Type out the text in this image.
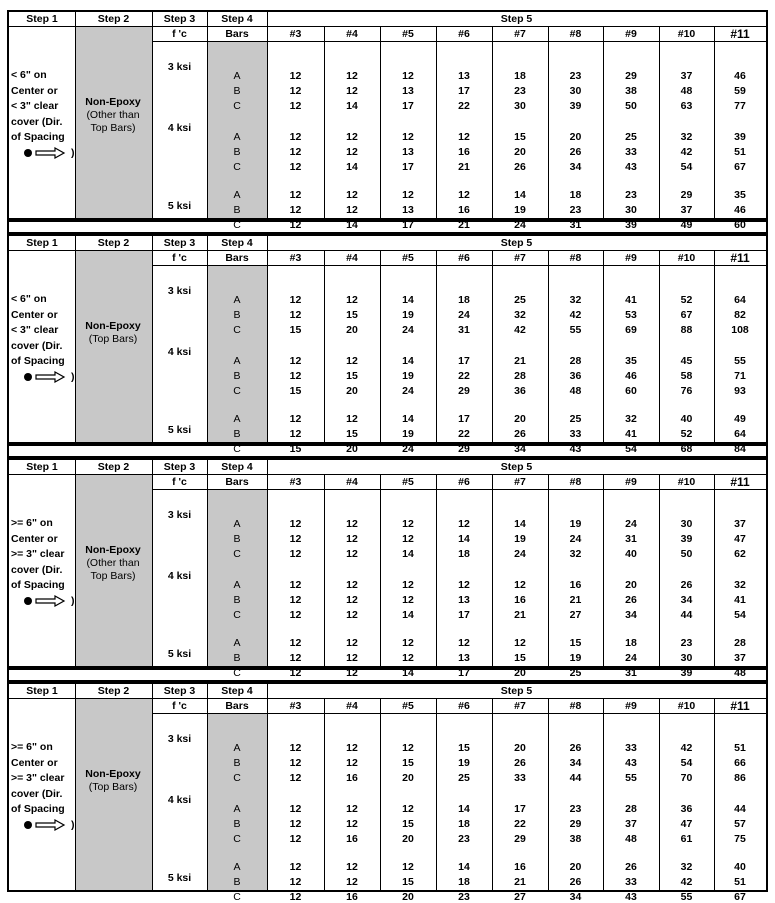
Step 1	Step 2	Step 3	Step 4	Step 5
f 'c	Bars	#3	#4	#5	#6	#7	#8	#9	#10	#11
< 6" on
Center or
< 3" clear
cover (Dir.
of Spacing
)
Non-Epoxy
(Other than
Top Bars)
3 ksi
A	12	12	12	13	18	23	29	37	46
B	12	12	13	17	23	30	38	48	59
C	12	14	17	22	30	39	50	63	77
4 ksi
A	12	12	12	12	15	20	25	32	39
B	12	12	13	16	20	26	33	42	51
C	12	14	17	21	26	34	43	54	67
5 ksi
A	12	12	12	12	14	18	23	29	35
B	12	12	13	16	19	23	30	37	46
C	12	14	17	21	24	31	39	49	60
Step 1	Step 2	Step 3	Step 4	Step 5
f 'c	Bars	#3	#4	#5	#6	#7	#8	#9	#10	#11
< 6" on
Center or
< 3" clear
cover (Dir.
of Spacing
)
Non-Epoxy
(Top Bars)
3 ksi
A	12	12	14	18	25	32	41	52	64
B	12	15	19	24	32	42	53	67	82
C	15	20	24	31	42	55	69	88	108
4 ksi
A	12	12	14	17	21	28	35	45	55
B	12	15	19	22	28	36	46	58	71
C	15	20	24	29	36	48	60	76	93
5 ksi
A	12	12	14	17	20	25	32	40	49
B	12	15	19	22	26	33	41	52	64
C	15	20	24	29	34	43	54	68	84
Step 1	Step 2	Step 3	Step 4	Step 5
f 'c	Bars	#3	#4	#5	#6	#7	#8	#9	#10	#11
>= 6" on
Center or
>= 3" clear
cover (Dir.
of Spacing
)
Non-Epoxy
(Other than
Top Bars)
3 ksi
A	12	12	12	12	14	19	24	30	37
B	12	12	12	14	19	24	31	39	47
C	12	12	14	18	24	32	40	50	62
4 ksi
A	12	12	12	12	12	16	20	26	32
B	12	12	12	13	16	21	26	34	41
C	12	12	14	17	21	27	34	44	54
5 ksi
A	12	12	12	12	12	15	18	23	28
B	12	12	12	13	15	19	24	30	37
C	12	12	14	17	20	25	31	39	48
Step 1	Step 2	Step 3	Step 4	Step 5
f 'c	Bars	#3	#4	#5	#6	#7	#8	#9	#10	#11
>= 6" on
Center or
>= 3" clear
cover (Dir.
of Spacing
)
Non-Epoxy
(Top Bars)
3 ksi
A	12	12	12	15	20	26	33	42	51
B	12	12	15	19	26	34	43	54	66
C	12	16	20	25	33	44	55	70	86
4 ksi
A	12	12	12	14	17	23	28	36	44
B	12	12	15	18	22	29	37	47	57
C	12	16	20	23	29	38	48	61	75
5 ksi
A	12	12	12	14	16	20	26	32	40
B	12	12	15	18	21	26	33	42	51
C	12	16	20	23	27	34	43	55	67
